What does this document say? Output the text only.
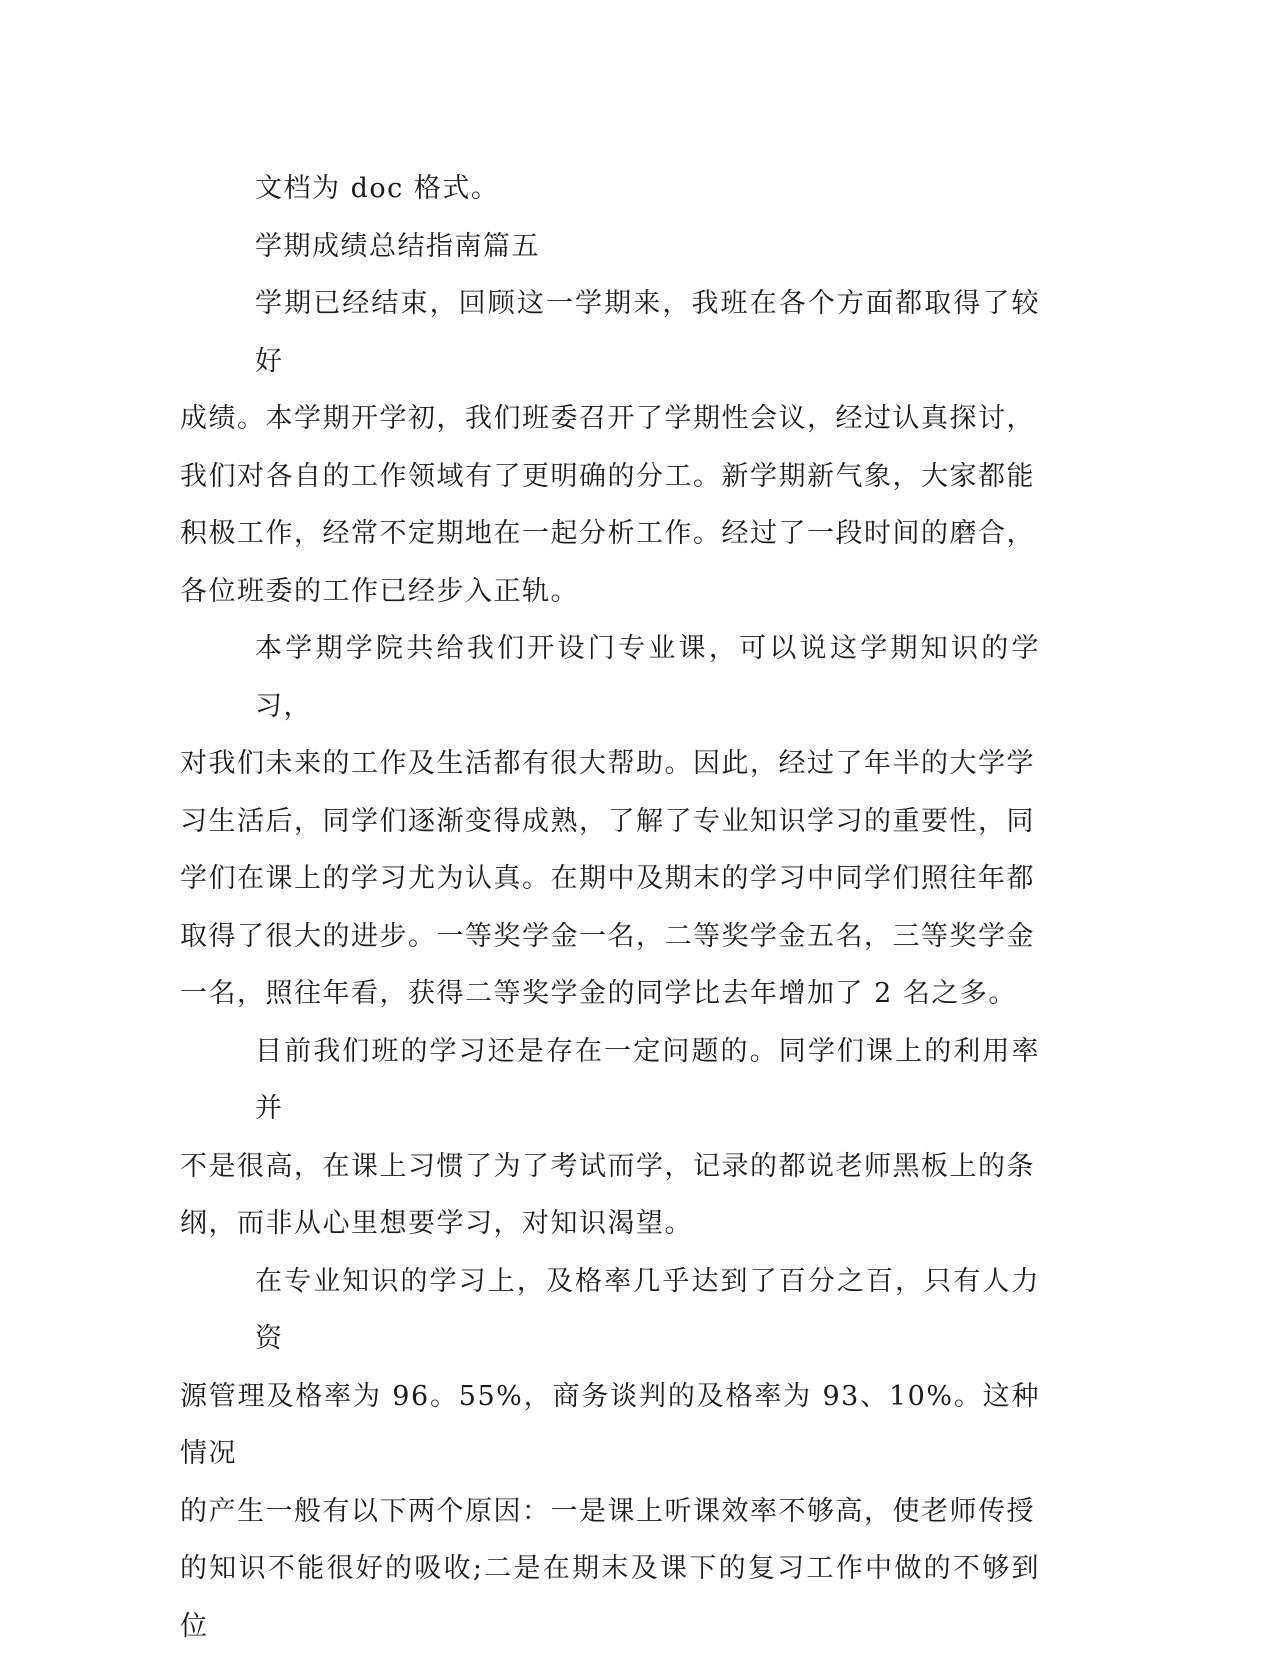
文档为 doc 格式。
学期成绩总结指南篇五
学期已经结束，回顾这一学期来，我班在各个方面都取得了较好
成绩。本学期开学初，我们班委召开了学期性会议，经过认真探讨，
我们对各自的工作领域有了更明确的分工。新学期新气象，大家都能
积极工作，经常不定期地在一起分析工作。经过了一段时间的磨合，
各位班委的工作已经步入正轨。
本学期学院共给我们开设门专业课，可以说这学期知识的学习，
对我们未来的工作及生活都有很大帮助。因此，经过了年半的大学学
习生活后，同学们逐渐变得成熟，了解了专业知识学习的重要性，同
学们在课上的学习尤为认真。在期中及期末的学习中同学们照往年都
取得了很大的进步。一等奖学金一名，二等奖学金五名，三等奖学金
一名，照往年看，获得二等奖学金的同学比去年增加了 2 名之多。
目前我们班的学习还是存在一定问题的。同学们课上的利用率并
不是很高，在课上习惯了为了考试而学，记录的都说老师黑板上的条
纲，而非从心里想要学习，对知识渴望。
在专业知识的学习上，及格率几乎达到了百分之百，只有人力资
源管理及格率为 96。55%，商务谈判的及格率为 93、10%。这种情况
的产生一般有以下两个原因：一是课上听课效率不够高，使老师传授
的知识不能很好的吸收;二是在期末及课下的复习工作中做的不够到位
